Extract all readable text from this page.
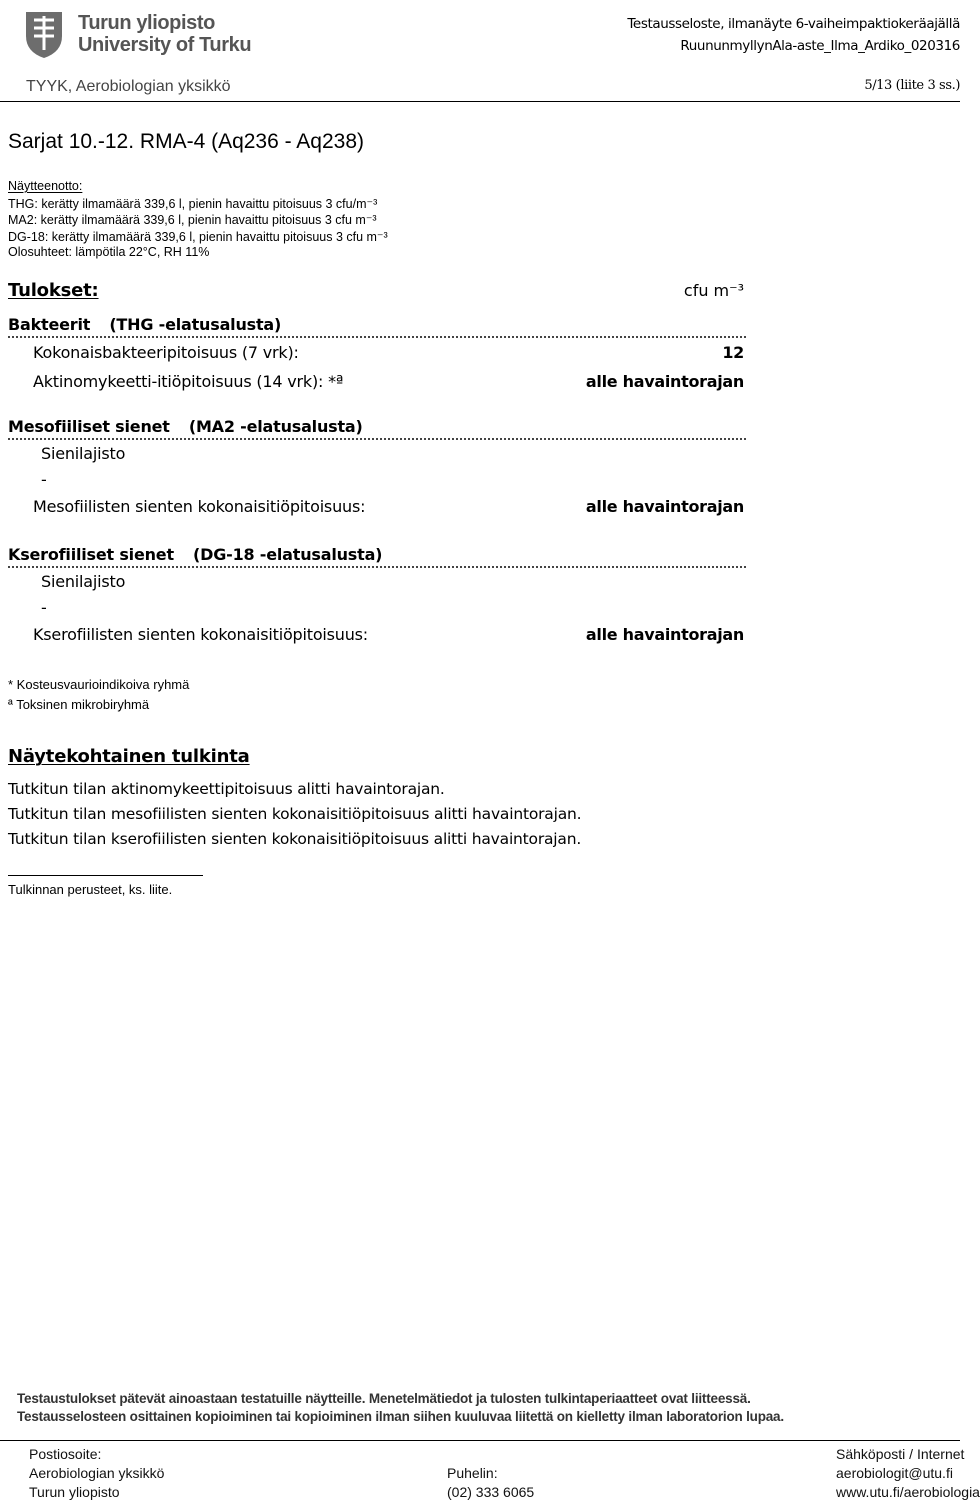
Turun yliopisto
University of Turku
TYYK, Aerobiologian yksikkö
Testausseloste, ilmanäyte 6-vaiheimpaktiokeräajällä
RuununmyllynAla-aste_Ilma_Ardiko_020316
5/13 (liite 3 ss.)
Sarjat 10.-12. RMA-4 (Aq236 - Aq238)
Näytteenotto:
THG: kerätty ilmamäärä 339,6 l, pienin havaittu pitoisuus 3 cfu/m⁻³
MA2: kerätty ilmamäärä 339,6 l, pienin havaittu pitoisuus 3 cfu m⁻³
DG-18: kerätty ilmamäärä 339,6 l, pienin havaittu pitoisuus 3 cfu m⁻³
Olosuhteet: lämpötila 22°C, RH 11%
Tulokset:	cfu m⁻³
Bakteerit (THG -elatusalusta)
Kokonaisbakteeripitoisuus (7 vrk):	12
Aktinomykeetti-itiöpitoisuus (14 vrk): *ª	alle havaintorajan
Mesofiiliset sienet (MA2 -elatusalusta)
Sienilajisto
-
Mesofiilisten sienten kokonaisitiöpitoisuus:	alle havaintorajan
Kserofiiliset sienet (DG-18 -elatusalusta)
Sienilajisto
-
Kserofiilisten sienten kokonaisitiöpitoisuus:	alle havaintorajan
* Kosteusvaurioindikoiva ryhmä
ª Toksinen mikrobiryhmä
Näytekohtainen tulkinta
Tutkitun tilan aktinomykeettipitoisuus alitti havaintorajan.
Tutkitun tilan mesofiilisten sienten kokonaisitiöpitoisuus alitti havaintorajan.
Tutkitun tilan kserofiilisten sienten kokonaisitiöpitoisuus alitti havaintorajan.
Tulkinnan perusteet, ks. liite.
Testaustulokset pätevät ainoastaan testatuille näytteille. Menetelmätiedot ja tulosten tulkintaperiaatteet ovat liitteessä.
Testausselosteen osittainen kopioiminen tai kopioiminen ilman siihen kuuluvaa liitettä on kielletty ilman laboratorion lupaa.
Postiosoite:
Aerobiologian yksikkö
Turun yliopisto
Puhelin:
(02) 333 6065
Sähköposti / Internet
aerobiologit@utu.fi
www.utu.fi/aerobiologia
